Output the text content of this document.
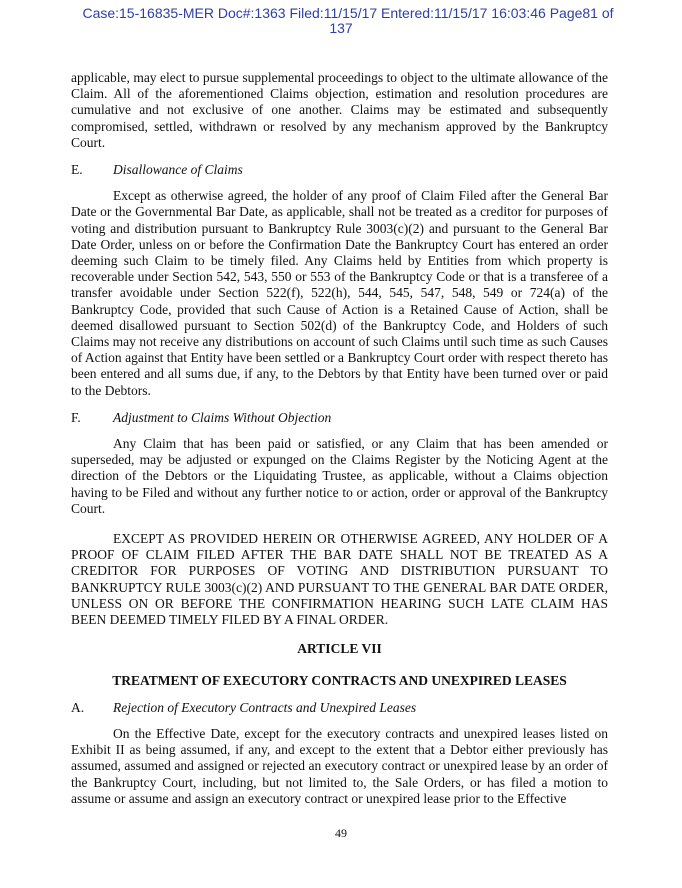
Case:15-16835-MER Doc#:1363 Filed:11/15/17 Entered:11/15/17 16:03:46 Page81 of
137

applicable, may elect to pursue supplemental proceedings to object to the ultimate allowance of the Claim. All of the aforementioned Claims objection, estimation and resolution procedures are cumulative and not exclusive of one another. Claims may be estimated and subsequently compromised, settled, withdrawn or resolved by any mechanism approved by the Bankruptcy Court.

E.	Disallowance of Claims

Except as otherwise agreed, the holder of any proof of Claim Filed after the General Bar Date or the Governmental Bar Date, as applicable, shall not be treated as a creditor for purposes of voting and distribution pursuant to Bankruptcy Rule 3003(c)(2) and pursuant to the General Bar Date Order, unless on or before the Confirmation Date the Bankruptcy Court has entered an order deeming such Claim to be timely filed. Any Claims held by Entities from which property is recoverable under Section 542, 543, 550 or 553 of the Bankruptcy Code or that is a transferee of a transfer avoidable under Section 522(f), 522(h), 544, 545, 547, 548, 549 or 724(a) of the Bankruptcy Code, provided that such Cause of Action is a Retained Cause of Action, shall be deemed disallowed pursuant to Section 502(d) of the Bankruptcy Code, and Holders of such Claims may not receive any distributions on account of such Claims until such time as such Causes of Action against that Entity have been settled or a Bankruptcy Court order with respect thereto has been entered and all sums due, if any, to the Debtors by that Entity have been turned over or paid to the Debtors.

F.	Adjustment to Claims Without Objection

Any Claim that has been paid or satisfied, or any Claim that has been amended or superseded, may be adjusted or expunged on the Claims Register by the Noticing Agent at the direction of the Debtors or the Liquidating Trustee, as applicable, without a Claims objection having to be Filed and without any further notice to or action, order or approval of the Bankruptcy Court.

EXCEPT AS PROVIDED HEREIN OR OTHERWISE AGREED, ANY HOLDER OF A PROOF OF CLAIM FILED AFTER THE BAR DATE SHALL NOT BE TREATED AS A CREDITOR FOR PURPOSES OF VOTING AND DISTRIBUTION PURSUANT TO BANKRUPTCY RULE 3003(c)(2) AND PURSUANT TO THE GENERAL BAR DATE ORDER, UNLESS ON OR BEFORE THE CONFIRMATION HEARING SUCH LATE CLAIM HAS BEEN DEEMED TIMELY FILED BY A FINAL ORDER.

ARTICLE VII
TREATMENT OF EXECUTORY CONTRACTS AND UNEXPIRED LEASES
A.	Rejection of Executory Contracts and Unexpired Leases

On the Effective Date, except for the executory contracts and unexpired leases listed on Exhibit II as being assumed, if any, and except to the extent that a Debtor either previously has assumed, assumed and assigned or rejected an executory contract or unexpired lease by an order of the Bankruptcy Court, including, but not limited to, the Sale Orders, or has filed a motion to assume or assume and assign an executory contract or unexpired lease prior to the Effective

49
